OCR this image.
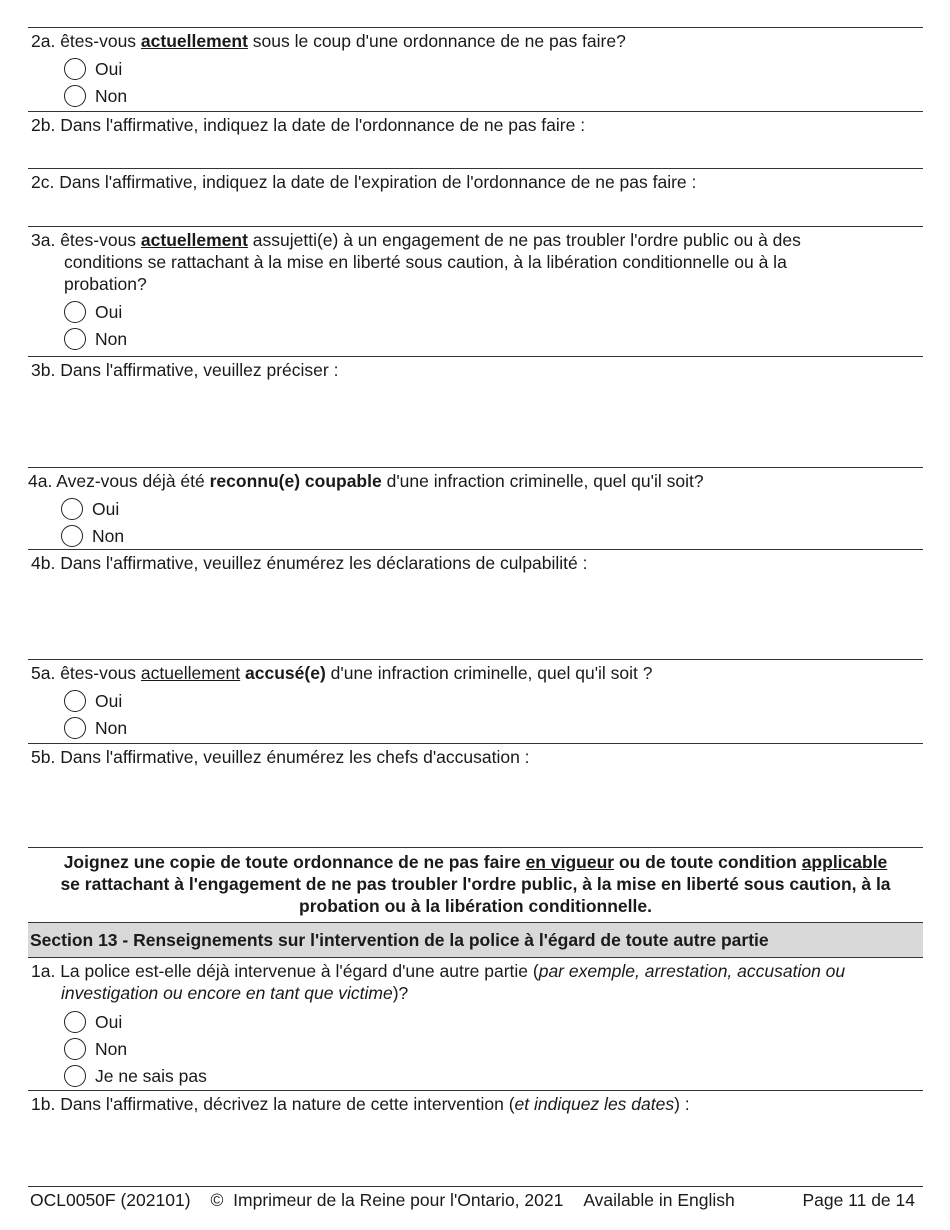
2a. êtes-vous actuellement sous le coup d'une ordonnance de ne pas faire?
Oui
Non
2b. Dans l'affirmative, indiquez la date de l'ordonnance de ne pas faire :
2c. Dans l'affirmative, indiquez la date de l'expiration de l'ordonnance de ne pas faire :
3a. êtes-vous actuellement assujetti(e) à un engagement de ne pas troubler l'ordre public ou à des
conditions se rattachant à la mise en liberté sous caution, à la libération conditionnelle ou à la
probation?
Oui
Non
3b. Dans l'affirmative, veuillez préciser :
4a. Avez-vous déjà été reconnu(e) coupable d'une infraction criminelle, quel qu'il soit?
Oui
Non
4b. Dans l'affirmative, veuillez énumérez les déclarations de culpabilité :
5a. êtes-vous actuellement accusé(e) d'une infraction criminelle, quel qu'il soit ?
Oui
Non
5b. Dans l'affirmative, veuillez énumérez les chefs d'accusation :
Joignez une copie de toute ordonnance de ne pas faire en vigueur ou de toute condition applicable
se rattachant à l'engagement de ne pas troubler l'ordre public, à la mise en liberté sous caution, à la
probation ou à la libération conditionnelle.
Section 13 - Renseignements sur l'intervention de la police à l'égard de toute autre partie
1a. La police est-elle déjà intervenue à l'égard d'une autre partie (par exemple, arrestation, accusation ou
investigation ou encore en tant que victime)?
Oui
Non
Je ne sais pas
1b. Dans l'affirmative, décrivez la nature de cette intervention (et indiquez les dates) :
OCL0050F (202101) ©  Imprimeur de la Reine pour l'Ontario, 2021 Available in English	Page 11 de 14
